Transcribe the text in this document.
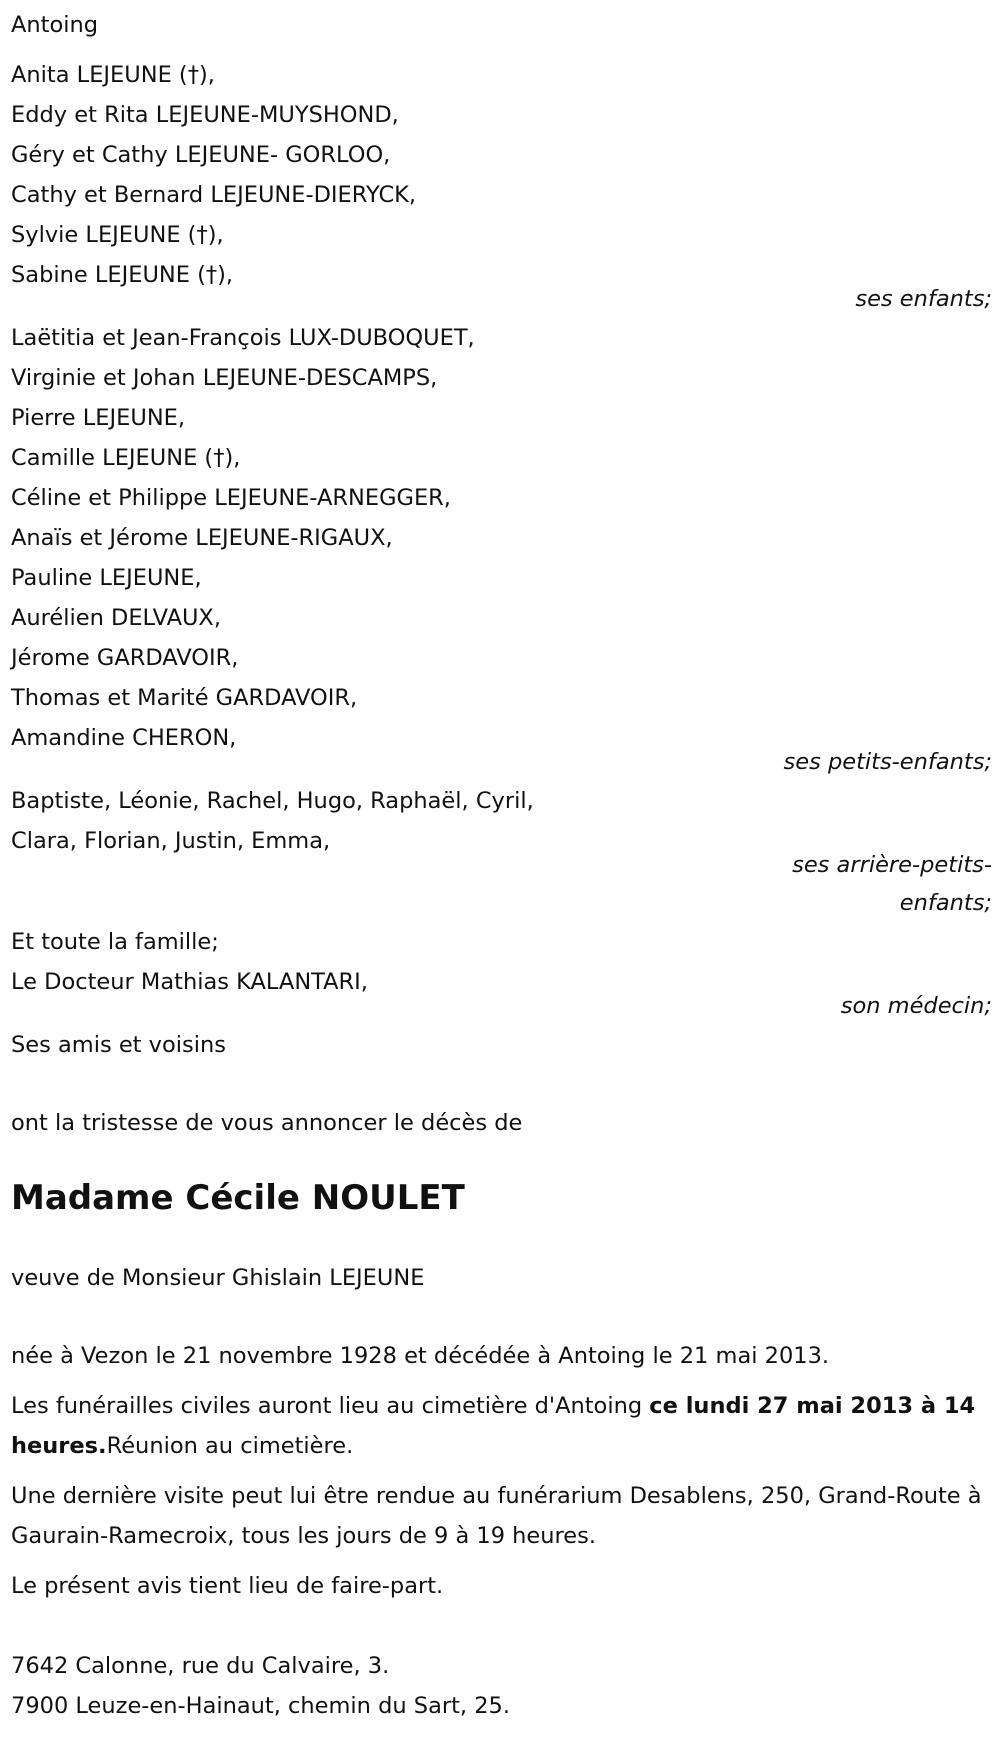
Antoing
Anita LEJEUNE (†),
Eddy et Rita LEJEUNE-MUYSHOND,
Géry et Cathy LEJEUNE- GORLOO,
Cathy et Bernard LEJEUNE-DIERYCK,
Sylvie LEJEUNE (†),
Sabine LEJEUNE (†),
ses enfants;
Laëtitia et Jean-François LUX-DUBOQUET,
Virginie et Johan LEJEUNE-DESCAMPS,
Pierre LEJEUNE,
Camille LEJEUNE (†),
Céline et Philippe LEJEUNE-ARNEGGER,
Anaïs et Jérome LEJEUNE-RIGAUX,
Pauline LEJEUNE,
Aurélien DELVAUX,
Jérome GARDAVOIR,
Thomas et Marité GARDAVOIR,
Amandine CHERON,
ses petits-enfants;
Baptiste, Léonie, Rachel, Hugo, Raphaël, Cyril,
Clara, Florian, Justin, Emma,
ses arrière-petits-
enfants;
Et toute la famille;
Le Docteur Mathias KALANTARI,
son médecin;
Ses amis et voisins
ont la tristesse de vous annoncer le décès de
Madame Cécile NOULET
veuve de Monsieur Ghislain LEJEUNE
née à Vezon le 21 novembre 1928 et décédée à Antoing le 21 mai 2013.
Les funérailles civiles auront lieu au cimetière d'Antoing ce lundi 27 mai 2013 à 14 heures.Réunion au cimetière.
Une dernière visite peut lui être rendue au funérarium Desablens, 250, Grand-Route à Gaurain-Ramecroix, tous les jours de 9 à 19 heures.
Le présent avis tient lieu de faire-part.
7642 Calonne, rue du Calvaire, 3.
7900 Leuze-en-Hainaut, chemin du Sart, 25.
